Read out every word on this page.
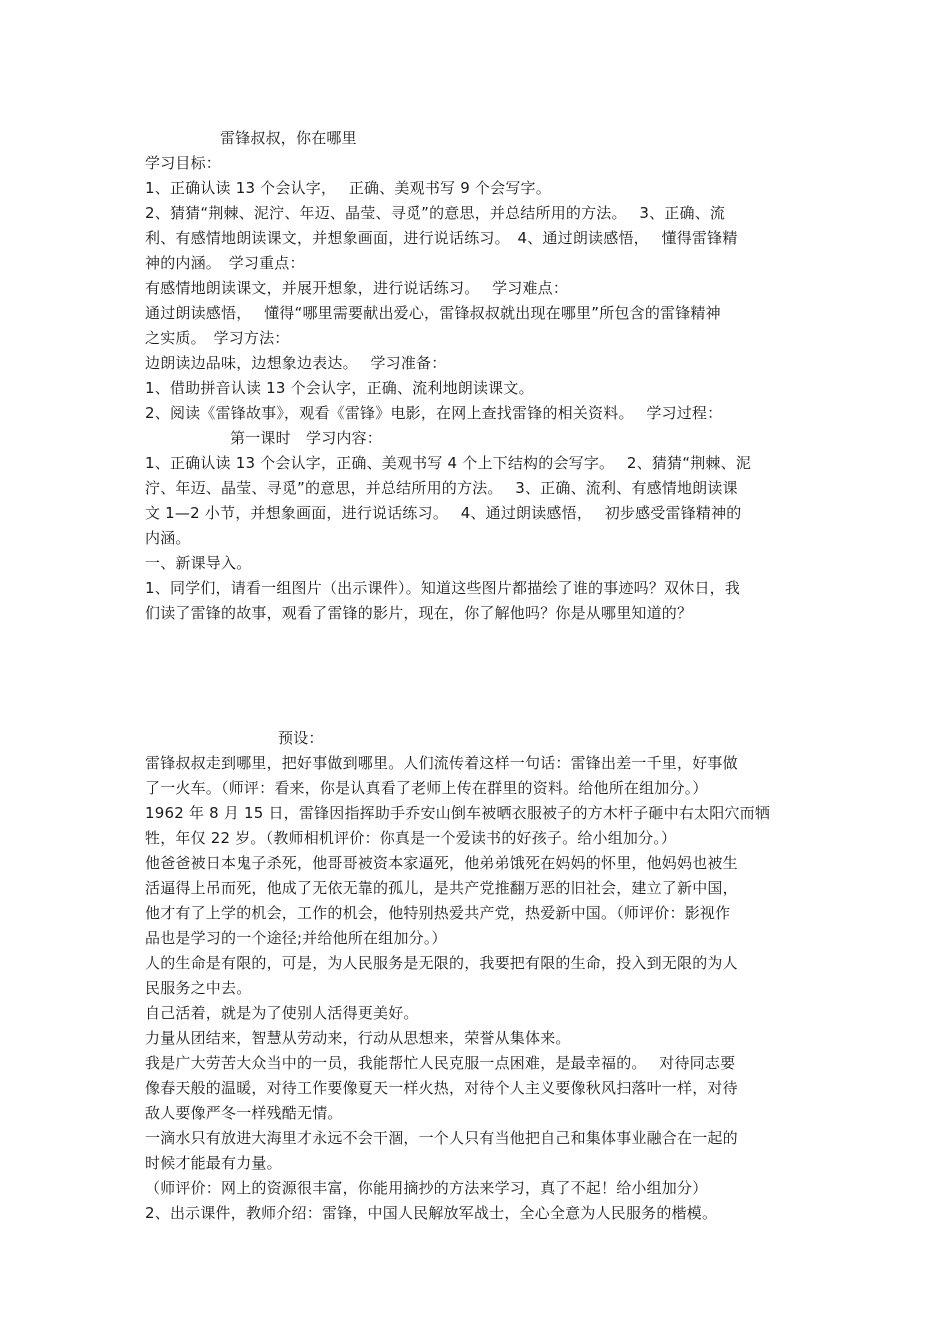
雷锋叔叔，你在哪里
学习目标：
1、正确认读 13 个会认字，　 正确、美观书写 9 个会写字。
2、猜猜“荆棘、泥泞、年迈、晶莹、寻觅”的意思，并总结所用的方法。　 3、正确、流
利、有感情地朗读课文，并想象画面，进行说话练习。　4、通过朗读感悟，　 懂得雷锋精
神的内涵。　学习重点：
有感情地朗读课文，并展开想象，进行说话练习。　 学习难点：
通过朗读感悟，　 懂得“哪里需要献出爱心，雷锋叔叔就出现在哪里”所包含的雷锋精神
之实质。　学习方法：
边朗读边品味，边想象边表达。　 学习准备：
1、借助拼音认读 13 个会认字，正确、流利地朗读课文。
2、阅读《雷锋故事》，观看《雷锋》电影，在网上查找雷锋的相关资料。　 学习过程：
第一课时　学习内容：
1、正确认读 13 个会认字，正确、美观书写 4 个上下结构的会写字。　 2、猜猜“荆棘、泥
泞、年迈、晶莹、寻觅”的意思，并总结所用的方法。　 3、正确、流利、有感情地朗读课
文 1—2 小节，并想象画面，进行说话练习。　 4、通过朗读感悟，　 初步感受雷锋精神的
内涵。
一、新课导入。
1、同学们，请看一组图片（出示课件）。知道这些图片都描绘了谁的事迹吗？双休日，我
们读了雷锋的故事，观看了雷锋的影片，现在，你了解他吗？你是从哪里知道的？
预设：
雷锋叔叔走到哪里，把好事做到哪里。人们流传着这样一句话：雷锋出差一千里，好事做
了一火车。（师评：看来，你是认真看了老师上传在群里的资料。给他所在组加分。）
1962 年 8 月 15 日，雷锋因指挥助手乔安山倒车被晒衣服被子的方木杆子砸中右太阳穴而牺
牲，年仅 22 岁。（教师相机评价：你真是一个爱读书的好孩子。给小组加分。）
他爸爸被日本鬼子杀死，他哥哥被资本家逼死，他弟弟饿死在妈妈的怀里，他妈妈也被生
活逼得上吊而死，他成了无依无靠的孤儿，是共产党推翻万恶的旧社会，建立了新中国，
他才有了上学的机会，工作的机会，他特别热爱共产党，热爱新中国。（师评价：影视作
品也是学习的一个途径;并给他所在组加分。）
人的生命是有限的，可是，为人民服务是无限的，我要把有限的生命，投入到无限的为人
民服务之中去。
自己活着，就是为了使别人活得更美好。
力量从团结来，智慧从劳动来，行动从思想来，荣誉从集体来。
我是广大劳苦大众当中的一员，我能帮忙人民克服一点困难，是最幸福的。　 对待同志要
像春天般的温暖，对待工作要像夏天一样火热，对待个人主义要像秋风扫落叶一样，对待
敌人要像严冬一样残酷无情。
一滴水只有放进大海里才永远不会干涸，一个人只有当他把自己和集体事业融合在一起的
时候才能最有力量。
（师评价：网上的资源很丰富，你能用摘抄的方法来学习，真了不起！给小组加分）
2、出示课件，教师介绍：雷锋，中国人民解放军战士，全心全意为人民服务的楷模。
